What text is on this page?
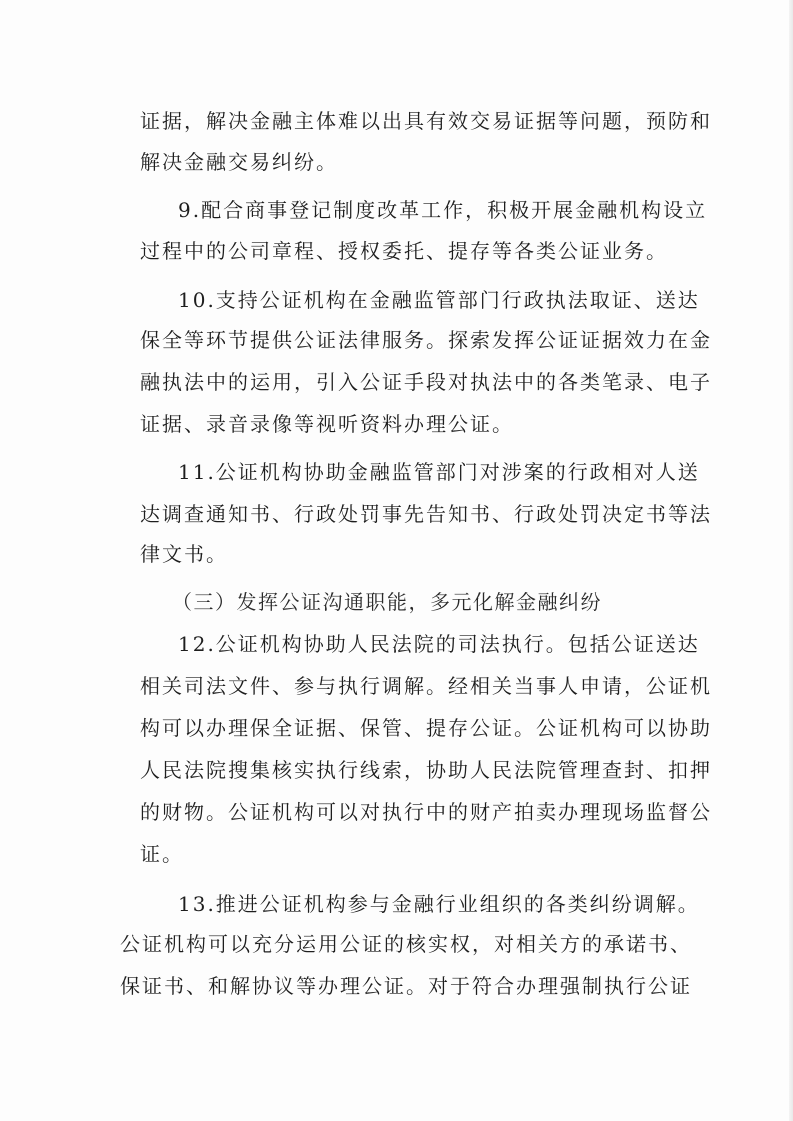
证据，解决金融主体难以出具有效交易证据等问题，预防和
解决金融交易纠纷。
9.配合商事登记制度改革工作，积极开展金融机构设立
过程中的公司章程、授权委托、提存等各类公证业务。
10.支持公证机构在金融监管部门行政执法取证、送达
保全等环节提供公证法律服务。探索发挥公证证据效力在金
融执法中的运用，引入公证手段对执法中的各类笔录、电子
证据、录音录像等视听资料办理公证。
11.公证机构协助金融监管部门对涉案的行政相对人送
达调查通知书、行政处罚事先告知书、行政处罚决定书等法
律文书。
（三）发挥公证沟通职能，多元化解金融纠纷
12.公证机构协助人民法院的司法执行。包括公证送达
相关司法文件、参与执行调解。经相关当事人申请，公证机
构可以办理保全证据、保管、提存公证。公证机构可以协助
人民法院搜集核实执行线索，协助人民法院管理查封、扣押
的财物。公证机构可以对执行中的财产拍卖办理现场监督公
证。
13.推进公证机构参与金融行业组织的各类纠纷调解。
公证机构可以充分运用公证的核实权，对相关方的承诺书、
保证书、和解协议等办理公证。对于符合办理强制执行公证
